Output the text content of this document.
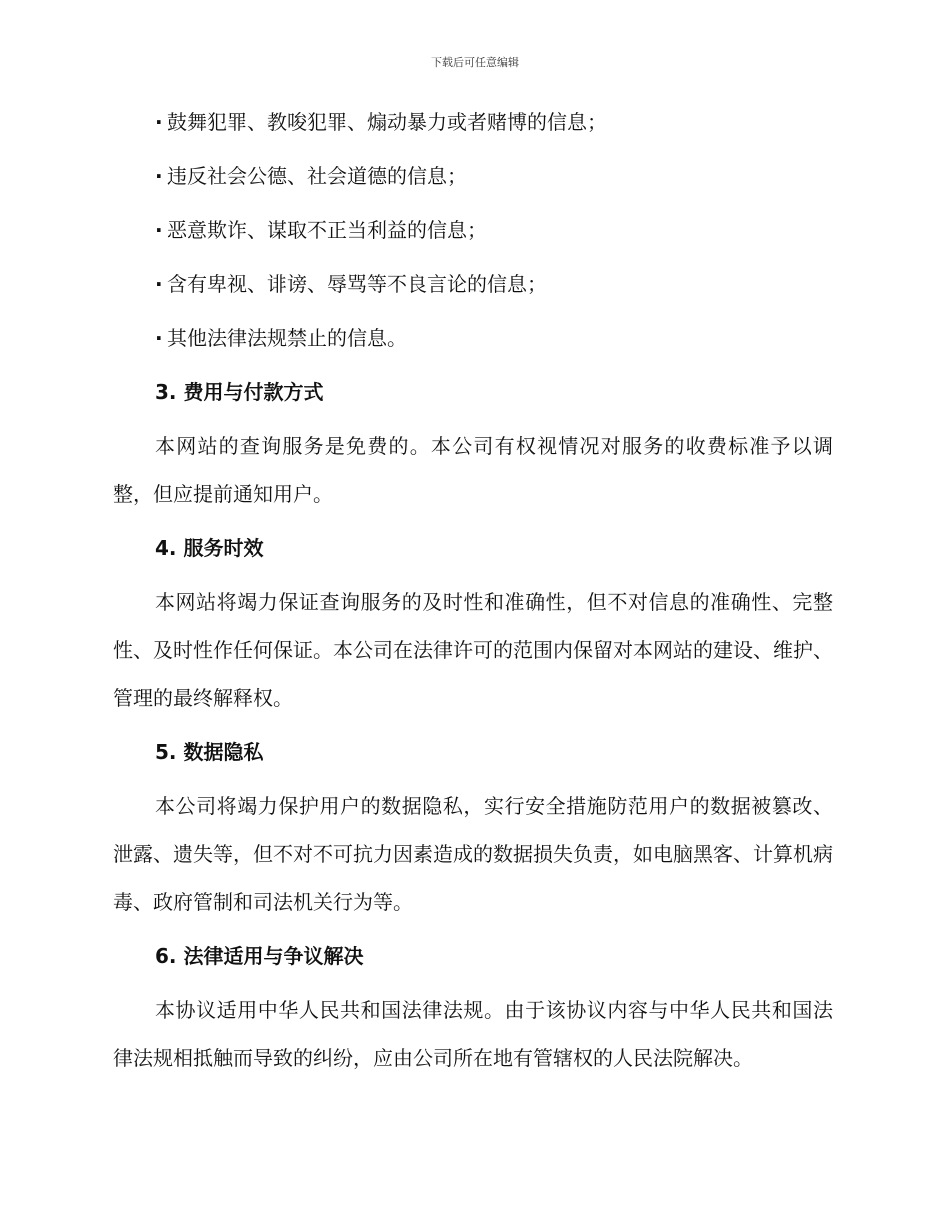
下载后可任意编辑

· 鼓舞犯罪、教唆犯罪、煽动暴力或者赌博的信息；

· 违反社会公德、社会道德的信息；

· 恶意欺诈、谋取不正当利益的信息；

· 含有卑视、诽谤、辱骂等不良言论的信息；

· 其他法律法规禁止的信息。

3. 费用与付款方式

本网站的查询服务是免费的。本公司有权视情况对服务的收费标准予以调整，但应提前通知用户。

4. 服务时效

本网站将竭力保证查询服务的及时性和准确性，但不对信息的准确性、完整性、及时性作任何保证。本公司在法律许可的范围内保留对本网站的建设、维护、管理的最终解释权。

5. 数据隐私

本公司将竭力保护用户的数据隐私，实行安全措施防范用户的数据被篡改、泄露、遗失等，但不对不可抗力因素造成的数据损失负责，如电脑黑客、计算机病毒、政府管制和司法机关行为等。

6. 法律适用与争议解决

本协议适用中华人民共和国法律法规。由于该协议内容与中华人民共和国法律法规相抵触而导致的纠纷，应由公司所在地有管辖权的人民法院解决。
